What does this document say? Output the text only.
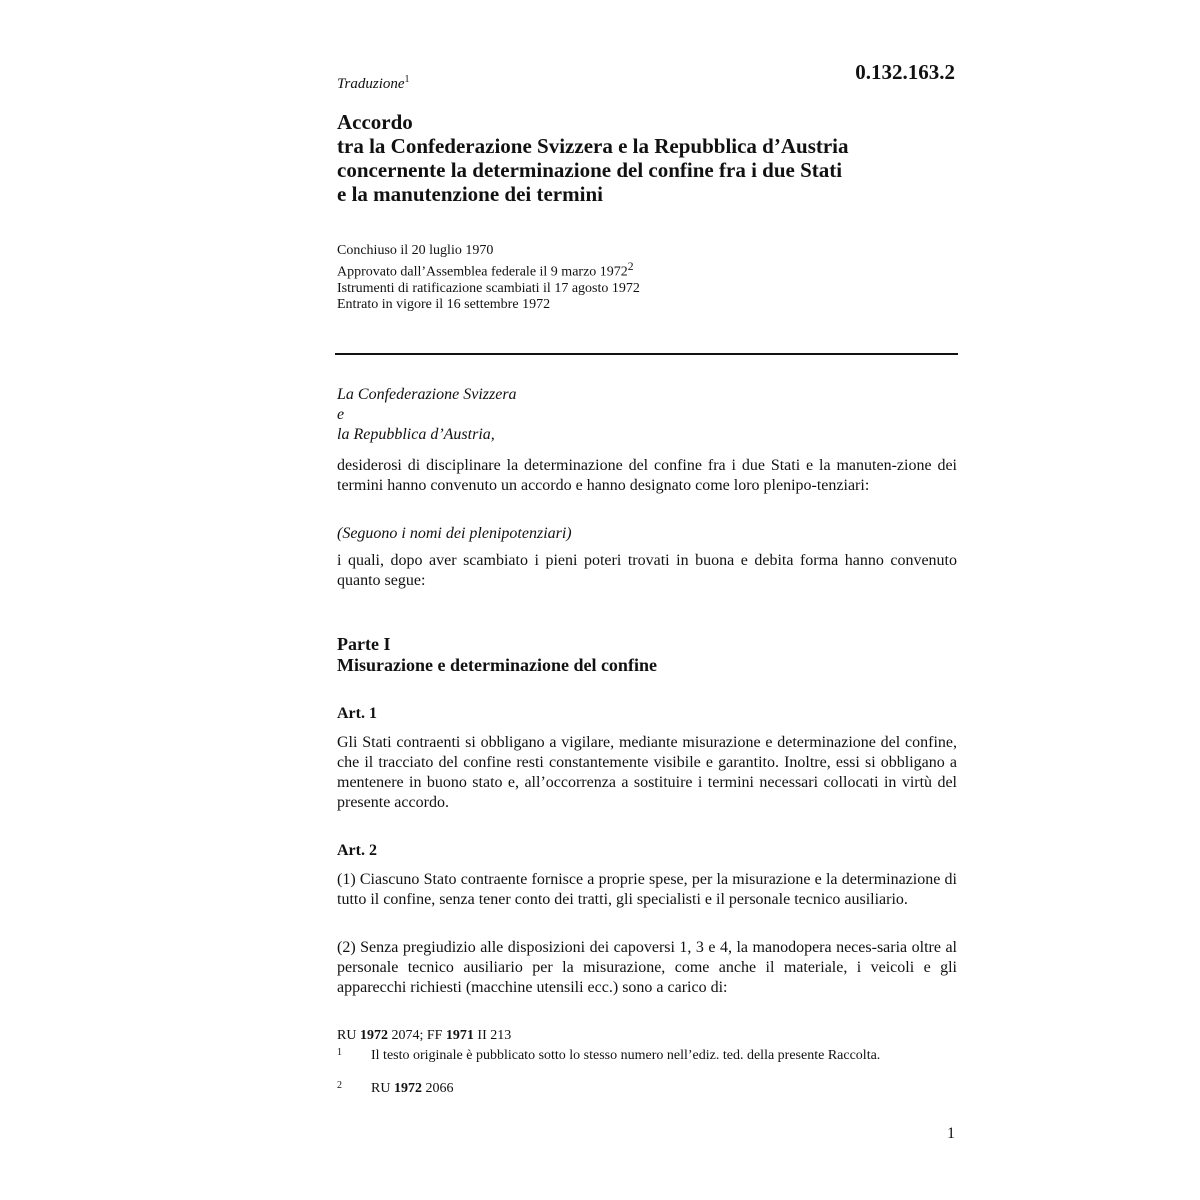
0.132.163.2
Traduzione$^1$
Accordo
tra la Confederazione Svizzera e la Repubblica d’Austria
concernente la determinazione del confine fra i due Stati
e la manutenzione dei termini
Conchiuso il 20 luglio 1970
Approvato dall’Assemblea federale il 9 marzo 1972$^2$
Istrumenti di ratificazione scambiati il 17 agosto 1972
Entrato in vigore il 16 settembre 1972
La Confederazione Svizzera
e
la Repubblica d’Austria,
desiderosi di disciplinare la determinazione del confine fra i due Stati e la manuten-zione dei termini hanno convenuto un accordo e hanno designato come loro plenipo-tenziari:
(Seguono i nomi dei plenipotenziari)
i quali, dopo aver scambiato i pieni poteri trovati in buona e debita forma hanno convenuto quanto segue:
Parte I
Misurazione e determinazione del confine
Art. 1
Gli Stati contraenti si obbligano a vigilare, mediante misurazione e determinazione del confine, che il tracciato del confine resti constantemente visibile e garantito. Inoltre, essi si obbligano a mentenere in buono stato e, all’occorrenza a sostituire i termini necessari collocati in virtù del presente accordo.
Art. 2
(1) Ciascuno Stato contraente fornisce a proprie spese, per la misurazione e la determinazione di tutto il confine, senza tener conto dei tratti, gli specialisti e il personale tecnico ausiliario.
(2) Senza pregiudizio alle disposizioni dei capoversi 1, 3 e 4, la manodopera neces-saria oltre al personale tecnico ausiliario per la misurazione, come anche il materiale, i veicoli e gli apparecchi richiesti (macchine utensili ecc.) sono a carico di:
RU 1972 2074; FF 1971 II 213
1 Il testo originale è pubblicato sotto lo stesso numero nell’ediz. ted. della presente Raccolta.
2 RU 1972 2066
1
